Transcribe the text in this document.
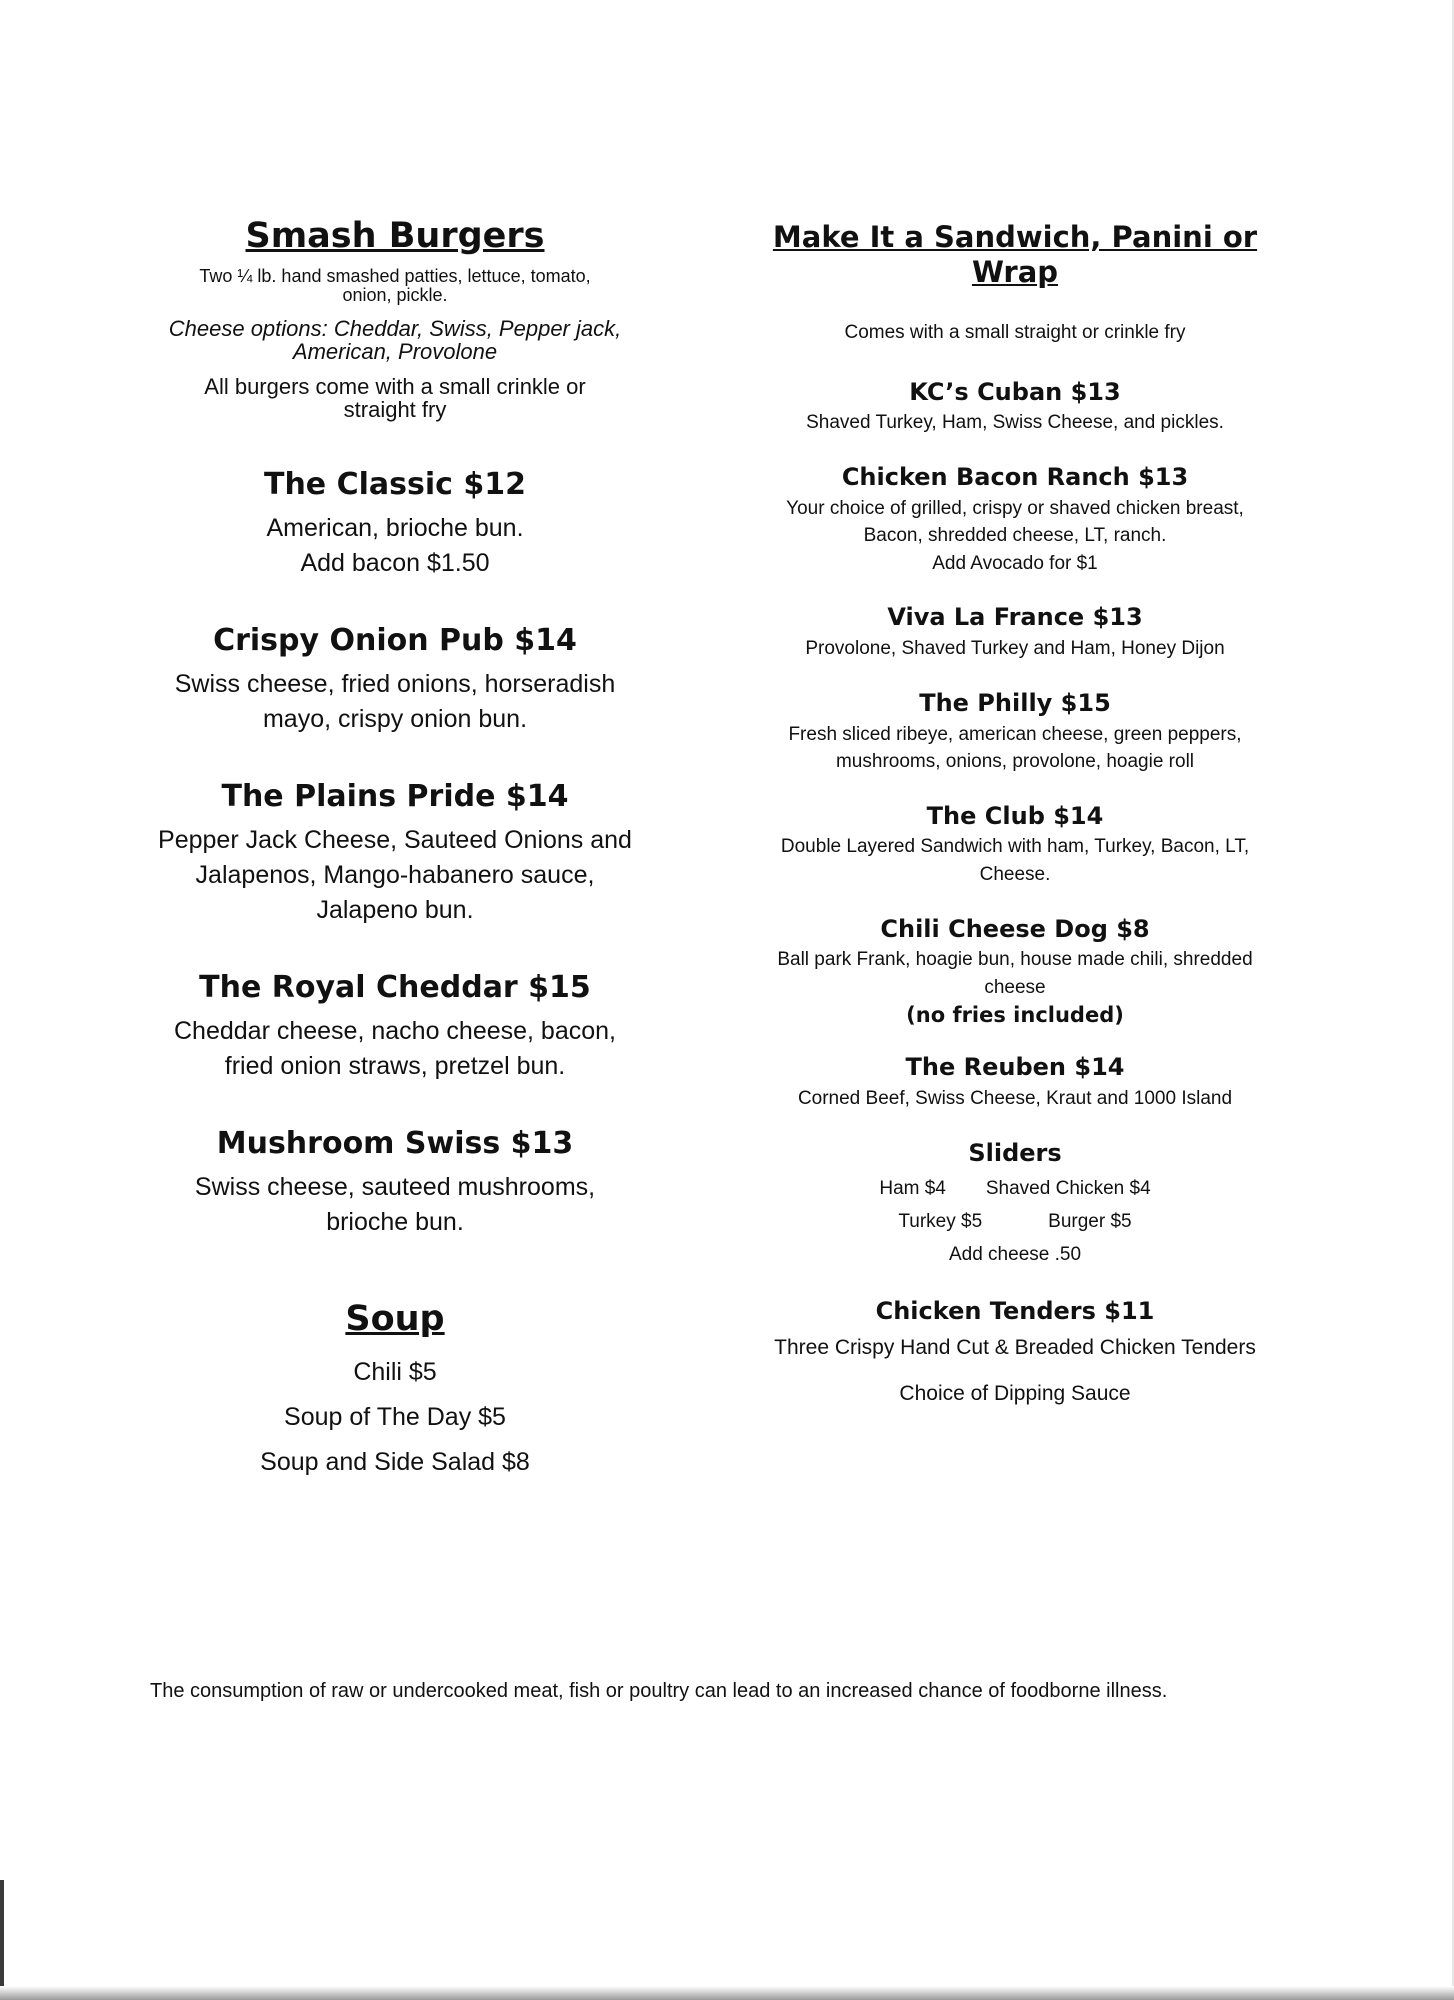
Smash Burgers

Two ¼ lb. hand smashed patties, lettuce, tomato,
onion, pickle.

Cheese options: Cheddar, Swiss, Pepper jack,
American, Provolone

All burgers come with a small crinkle or
straight fry

The Classic $12

American, brioche bun.
Add bacon $1.50

Crispy Onion Pub $14

Swiss cheese, fried onions, horseradish
mayo, crispy onion bun.

The Plains Pride $14

Pepper Jack Cheese, Sauteed Onions and
Jalapenos, Mango-habanero sauce,
Jalapeno bun.

The Royal Cheddar $15

Cheddar cheese, nacho cheese, bacon,
fried onion straws, pretzel bun.

Mushroom Swiss $13

Swiss cheese, sauteed mushrooms,
brioche bun.

Soup

Chili $5

Soup of The Day $5

Soup and Side Salad $8

Make It a Sandwich, Panini or Wrap

Comes with a small straight or crinkle fry

KC’s Cuban $13

Shaved Turkey, Ham, Swiss Cheese, and pickles.

Chicken Bacon Ranch $13

Your choice of grilled, crispy or shaved chicken breast,
Bacon, shredded cheese, LT, ranch.
Add Avocado for $1

Viva La France $13

Provolone, Shaved Turkey and Ham, Honey Dijon

The Philly $15

Fresh sliced ribeye, american cheese, green peppers,
mushrooms, onions, provolone, hoagie roll

The Club $14

Double Layered Sandwich with ham, Turkey, Bacon, LT,
Cheese.

Chili Cheese Dog $8

Ball park Frank, hoagie bun, house made chili, shredded
cheese

(no fries included)

The Reuben $14

Corned Beef, Swiss Cheese, Kraut and 1000 Island

Sliders
Ham $4 Shaved Chicken $4
Turkey $5	Burger $5
Add cheese .50
Chicken Tenders $11

Three Crispy Hand Cut & Breaded Chicken Tenders

Choice of Dipping Sauce

The consumption of raw or undercooked meat, fish or poultry can lead to an increased chance of foodborne illness.
